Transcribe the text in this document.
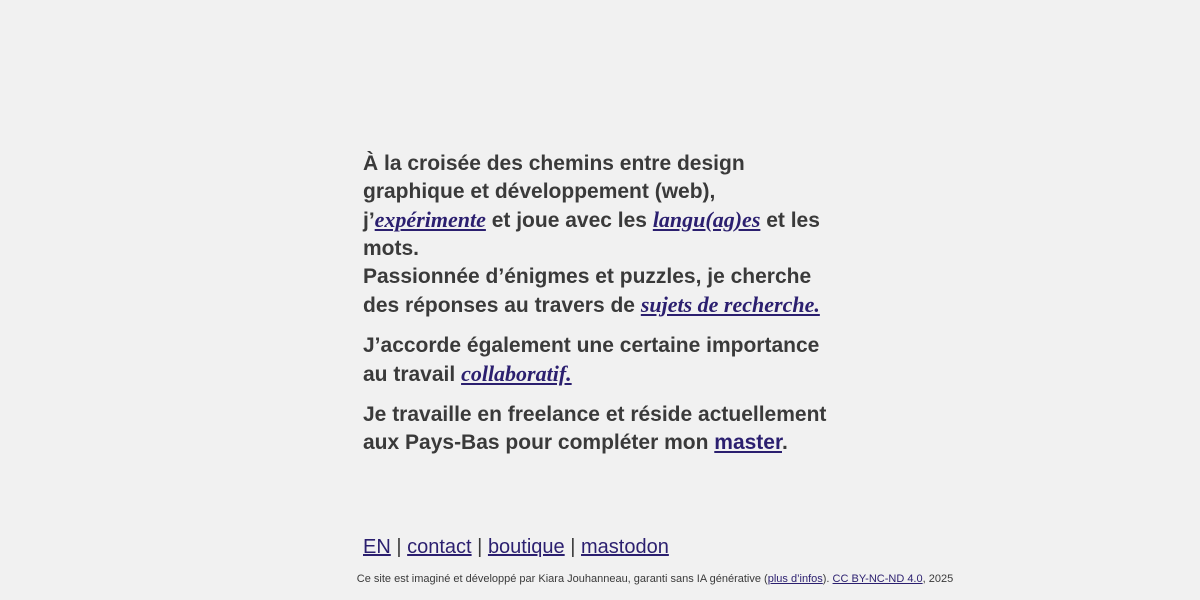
À la croisée des chemins entre design graphique et développement (web), j’expérimente et joue avec les langu(ag)es et les mots.
Passionnée d’énigmes et puzzles, je cherche des réponses au travers de sujets de recherche.

J’accorde également une certaine importance au travail collaboratif.

Je travaille en freelance et réside actuellement aux Pays-Bas pour compléter mon master.

EN | contact | boutique | mastodon
Ce site est imaginé et développé par Kiara Jouhanneau, garanti sans IA générative (plus d’infos). CC BY-NC-ND 4.0, 2025
